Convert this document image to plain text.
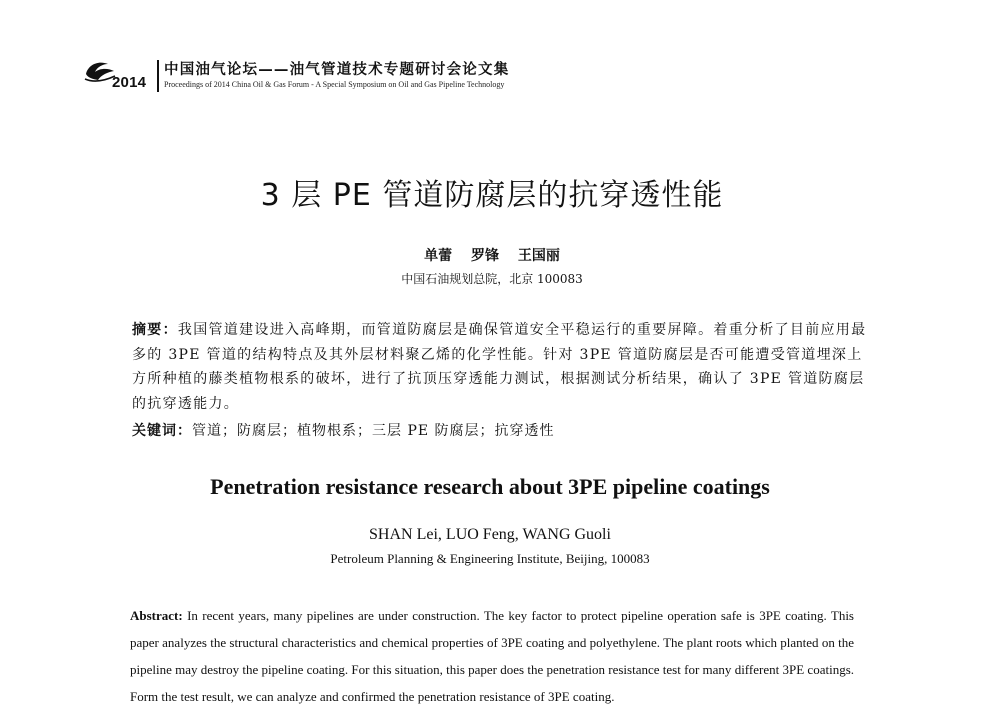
2014
中国油气论坛——油气管道技术专题研讨会论文集
Proceedings of 2014 China Oil & Gas Forum - A Special Symposium on Oil and Gas Pipeline Technology
3 层 PE 管道防腐层的抗穿透性能
单蕾 罗锋 王国丽
中国石油规划总院，北京 100083
摘要：我国管道建设进入高峰期，而管道防腐层是确保管道安全平稳运行的重要屏障。着重分析了目前应用最多的 3PE 管道的结构特点及其外层材料聚乙烯的化学性能。针对 3PE 管道防腐层是否可能遭受管道埋深上方所种植的藤类植物根系的破坏，进行了抗顶压穿透能力测试，根据测试分析结果，确认了 3PE 管道防腐层的抗穿透能力。
关键词：管道；防腐层；植物根系；三层 PE 防腐层；抗穿透性
Penetration resistance research about 3PE pipeline coatings
SHAN Lei, LUO Feng, WANG Guoli
Petroleum Planning & Engineering Institute, Beijing, 100083
Abstract: In recent years, many pipelines are under construction. The key factor to protect pipeline operation safe is 3PE coating. This paper analyzes the structural characteristics and chemical properties of 3PE coating and polyethylene. The plant roots which planted on the pipeline may destroy the pipeline coating. For this situation, this paper does the penetration resistance test for many different 3PE coatings. Form the test result, we can analyze and confirmed the penetration resistance of 3PE coating.
